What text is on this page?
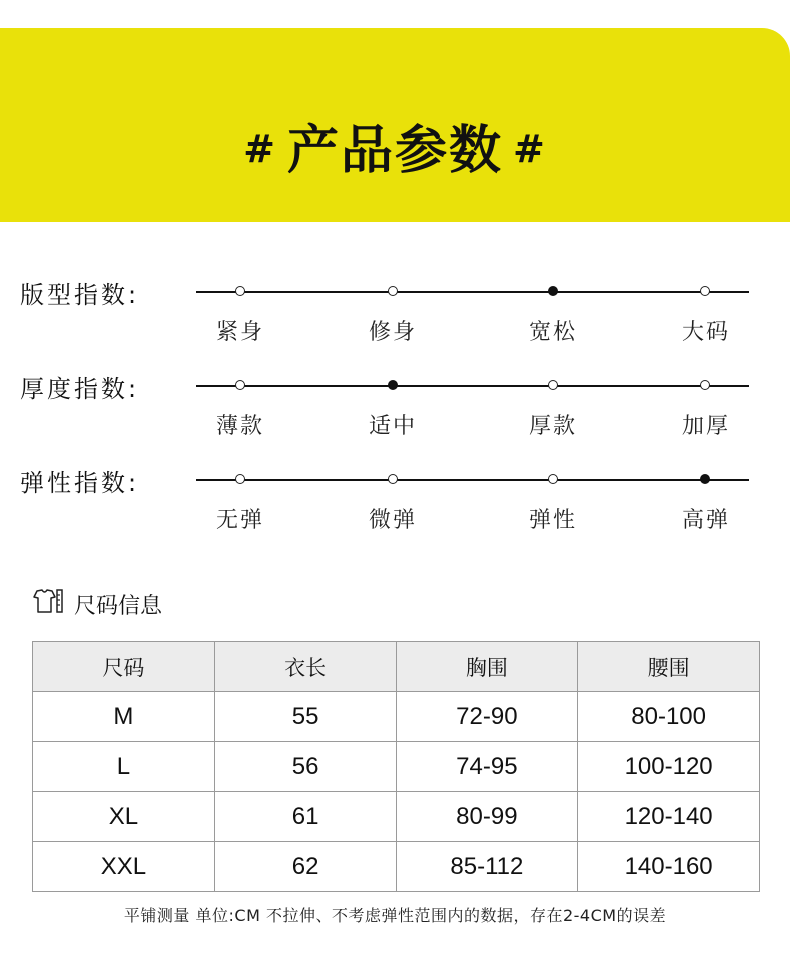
# 产品参数 #
版型指数:
紧身	修身	宽松	大码
厚度指数:
薄款	适中	厚款	加厚
弹性指数:
无弹	微弹	弹性	高弹
尺码信息
尺码	衣长	胸围	腰围
M	55	72-90	80-100
L	56	74-95	100-120
XL	61	80-99	120-140
XXL	62	85-112	140-160
平铺测量 单位:CM 不拉伸、不考虑弹性范围内的数据，存在2-4CM的误差
